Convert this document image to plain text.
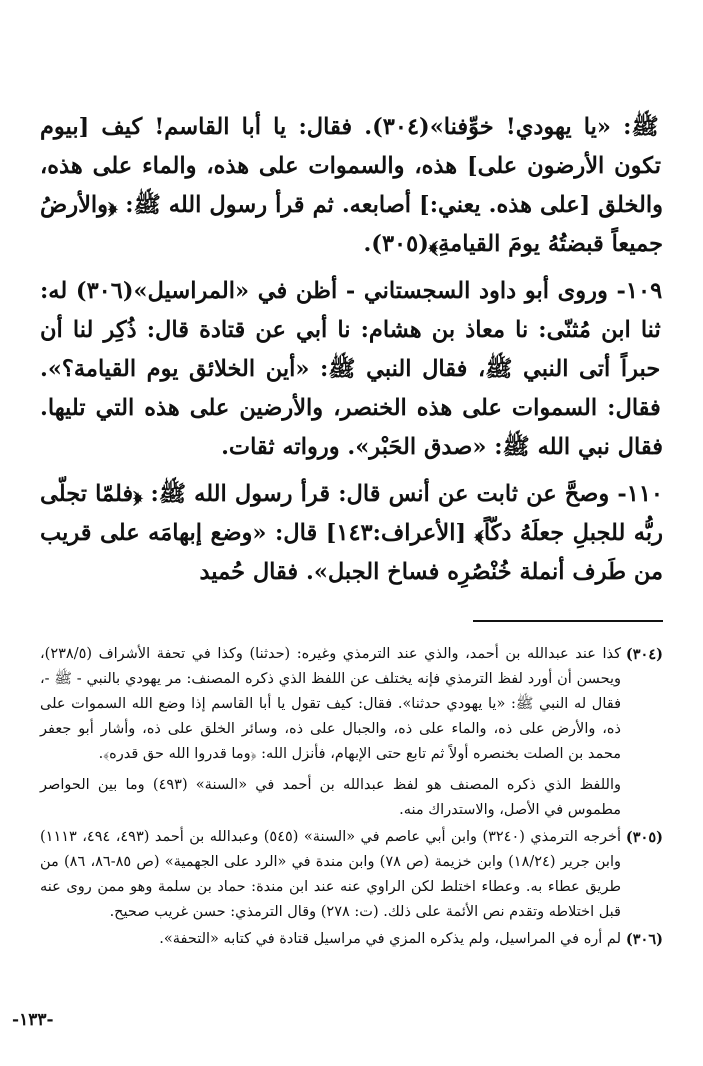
ﷺ: «يا يهودي! خوِّفنا»(٣٠٤). فقال: يا أبا القاسم! كيف [بيوم تكون الأرضون على] هذه، والسموات على هذه، والماء على هذه، والخلق [على هذه. يعني:] أصابعه. ثم قرأ رسول الله ﷺ: ﴿والأرضُ جميعاً قبضتُهُ يومَ القيامةِ﴾(٣٠٥).

١٠٩- وروى أبو داود السجستاني - أظن في «المراسيل»(٣٠٦) له: ثنا ابن مُثنّى: نا معاذ بن هشام: نا أبي عن قتادة قال: ذُكِر لنا أن حبراً أتى النبي ﷺ، فقال النبي ﷺ: «أين الخلائق يوم القيامة؟». فقال: السموات على هذه الخنصر، والأرضين على هذه التي تليها. فقال نبي الله ﷺ: «صدق الحَبْر». ورواته ثقات.

١١٠- وصحَّ عن ثابت عن أنس قال: قرأ رسول الله ﷺ: ﴿فلمّا تجلّى ربُّه للجبلِ جعلَهُ دكّاً﴾ [الأعراف:١٤٣] قال: «وضع إبهامَه على قريب من طَرف أنملة خُنْصُرِه فساخ الجبل». فقال حُميد

(٣٠٤)
كذا عند عبدالله بن أحمد، والذي عند الترمذي وغيره: (حدثنا) وكذا في تحفة الأشراف (٢٣٨/٥)، ويحسن أن أورد لفظ الترمذي فإنه يختلف عن اللفظ الذي ذكره المصنف: مر يهودي بالنبي - ﷺ -، فقال له النبي ﷺ: «يا يهودي حدثنا». فقال: كيف تقول يا أبا القاسم إذا وضع الله السموات على ذه، والأرض على ذه، والماء على ذه، والجبال على ذه، وسائر الخلق على ذه، وأشار أبو جعفر محمد بن الصلت بخنصره أولاً ثم تابع حتى الإبهام، فأنزل الله: ﴿وما قدروا الله حق قدره﴾.
واللفظ الذي ذكره المصنف هو لفظ عبدالله بن أحمد في «السنة» (٤٩٣) وما بين الحواصر مطموس في الأصل، والاستدراك منه.
(٣٠٥)
أخرجه الترمذي (٣٢٤٠) وابن أبي عاصم في «السنة» (٥٤٥) وعبدالله بن أحمد (٤٩٣، ٤٩٤، ١١١٣) وابن جرير (١٨/٢٤) وابن خزيمة (ص ٧٨) وابن مندة في «الرد على الجهمية» (ص ٨٥-٨٦، ٨٦) من طريق عطاء به. وعطاء اختلط لكن الراوي عنه عند ابن مندة: حماد بن سلمة وهو ممن روى عنه قبل اختلاطه وتقدم نص الأئمة على ذلك. (ت: ٢٧٨) وقال الترمذي: حسن غريب صحيح.
(٣٠٦)
لم أره في المراسيل، ولم يذكره المزي في مراسيل قتادة في كتابه «التحفة».
-١٣٣-
